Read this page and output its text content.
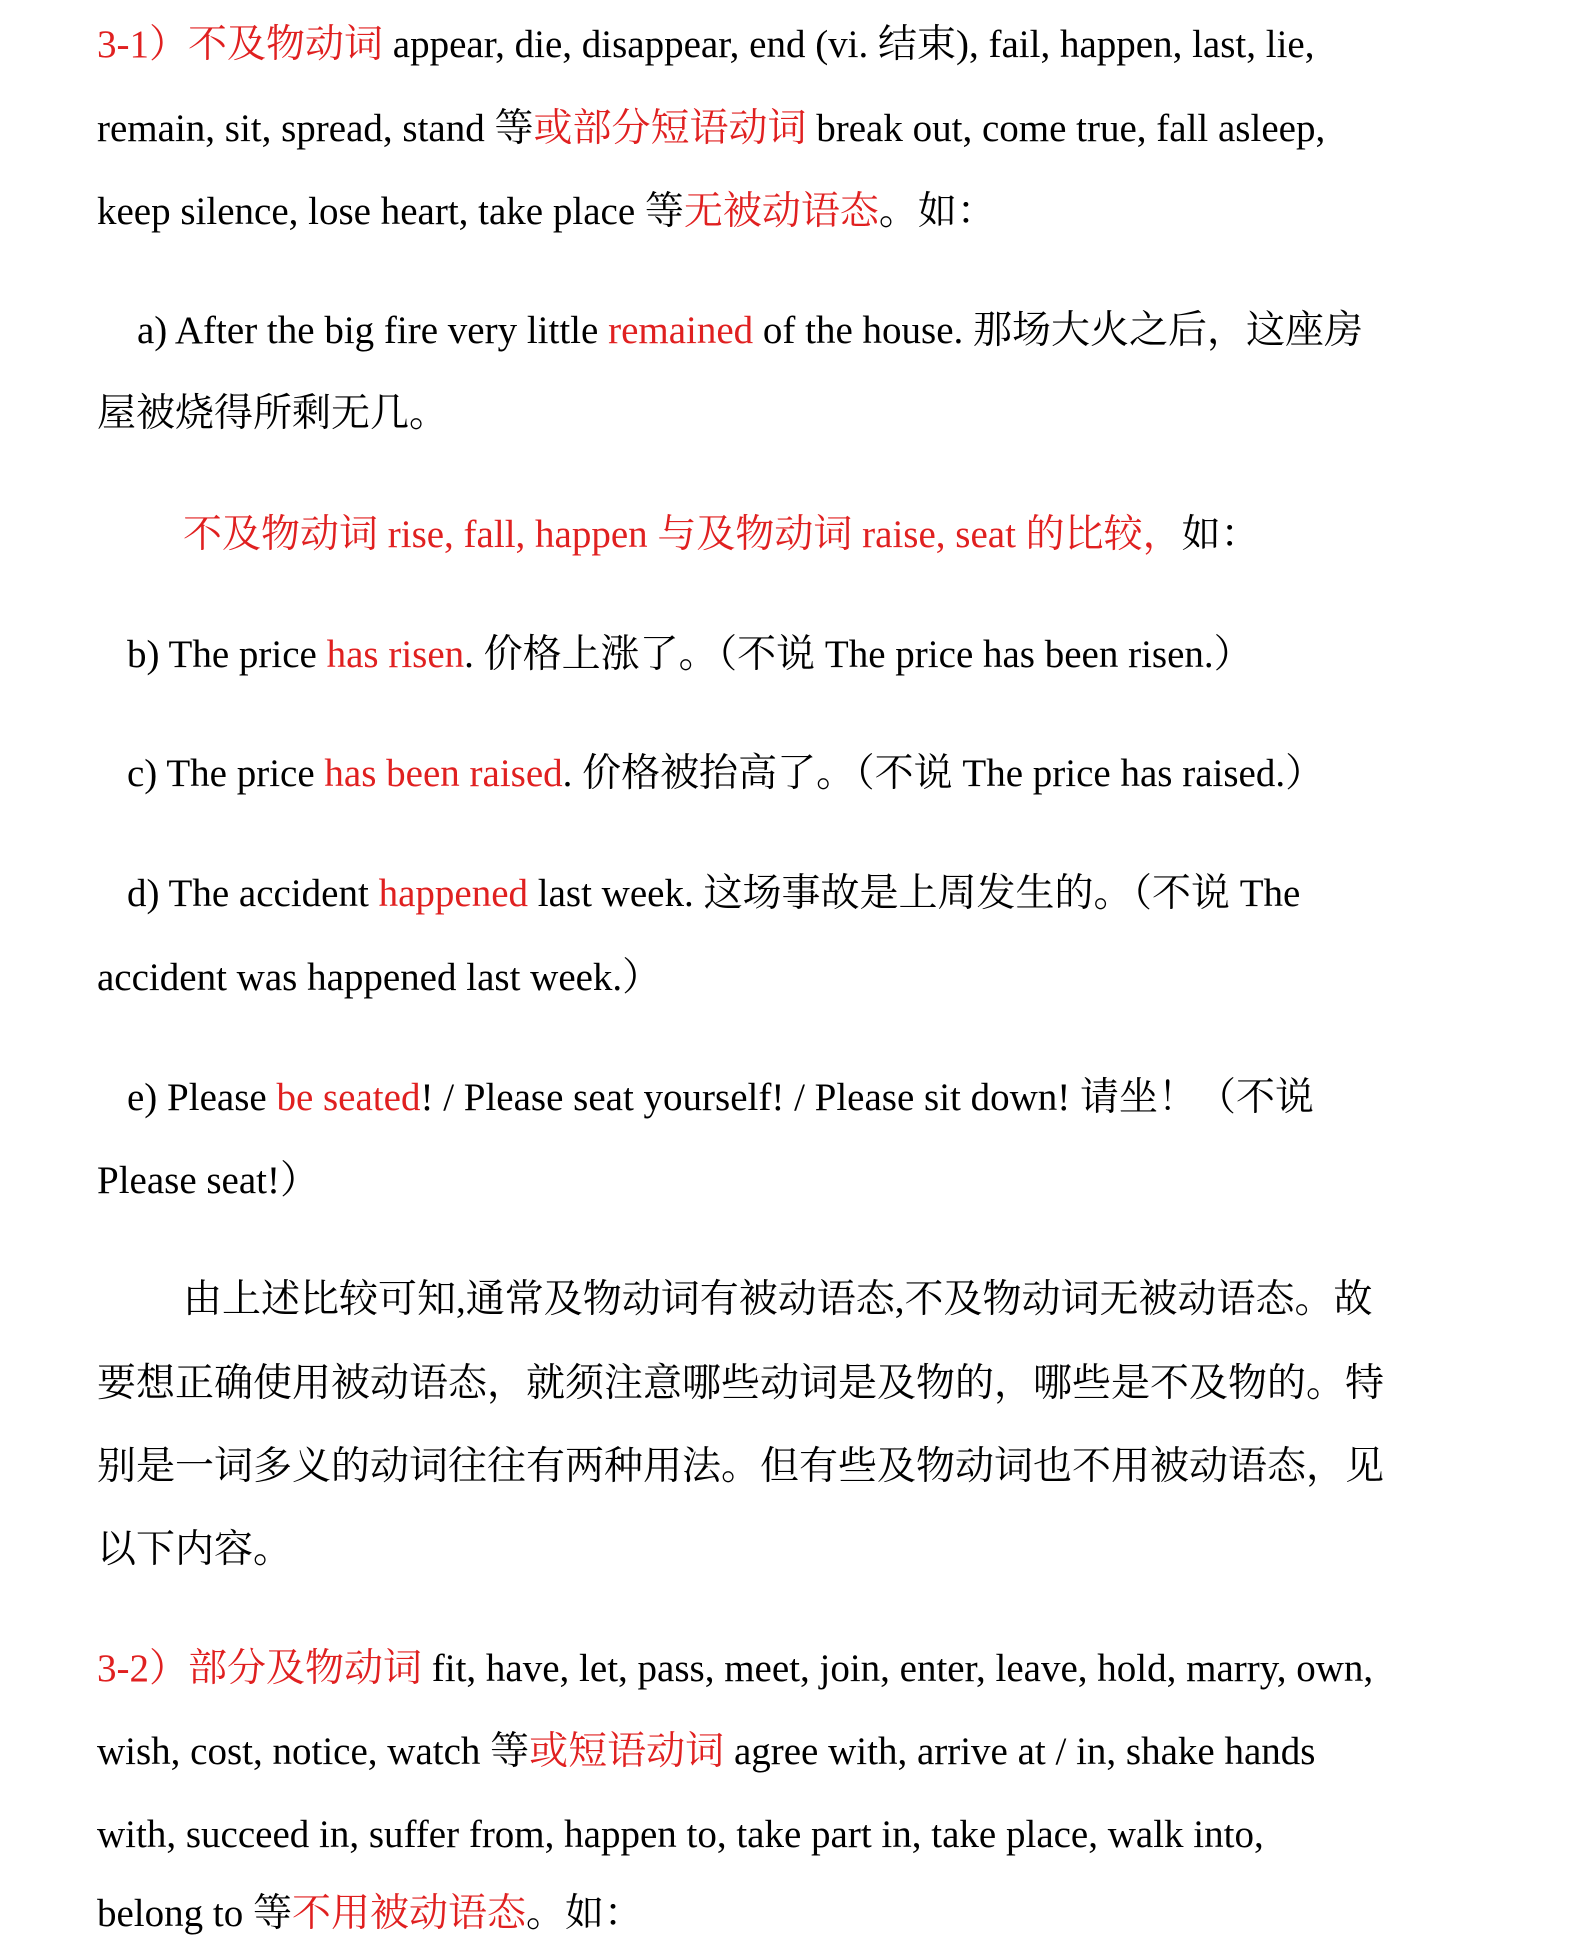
3-1）不及物动词 appear, die, disappear, end (vi. 结束), fail, happen, last, lie,

remain, sit, spread, stand 等或部分短语动词 break out, come true, fall asleep,

keep silence, lose heart, take place 等无被动语态。如：

a) After the big fire very little remained of the house. 那场大火之后，这座房

屋被烧得所剩无几。

不及物动词 rise, fall, happen 与及物动词 raise, seat 的比较，如：

b) The price has risen. 价格上涨了。（不说 The price has been risen.）

c) The price has been raised. 价格被抬高了。（不说 The price has raised.）

d) The accident happened last week. 这场事故是上周发生的。（不说 The

accident was happened last week.）

e) Please be seated! / Please seat yourself! / Please sit down! 请坐！（不说

Please seat!）

由上述比较可知,通常及物动词有被动语态,不及物动词无被动语态。故

要想正确使用被动语态，就须注意哪些动词是及物的，哪些是不及物的。特

别是一词多义的动词往往有两种用法。但有些及物动词也不用被动语态，见

以下内容。

3-2）部分及物动词 fit, have, let, pass, meet, join, enter, leave, hold, marry, own,

wish, cost, notice, watch 等或短语动词 agree with, arrive at / in, shake hands

with, succeed in, suffer from, happen to, take part in, take place, walk into,

belong to 等不用被动语态。如：
